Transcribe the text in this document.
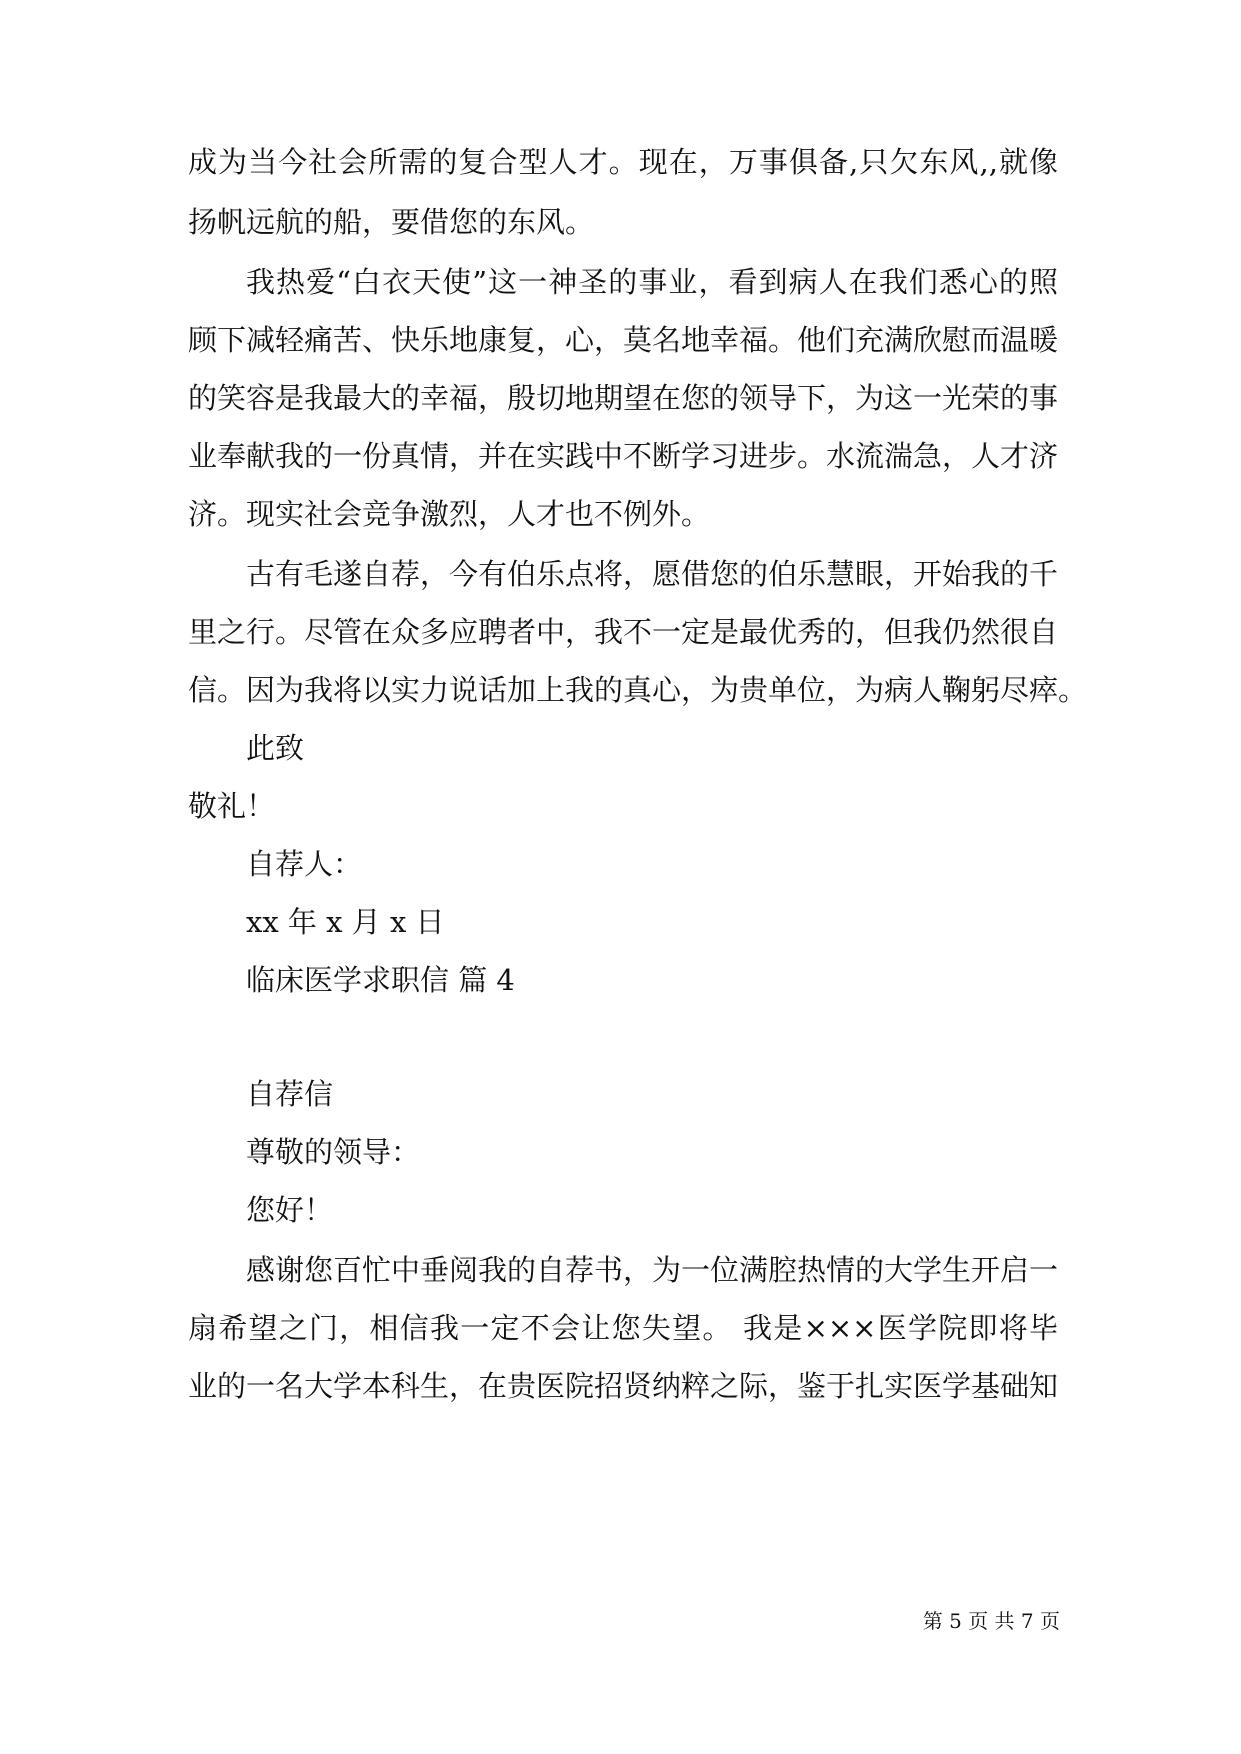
成为当今社会所需的复合型人才。现在，万事俱备,只欠东风,,就像
扬帆远航的船，要借您的东风。
我热爱“白衣天使”这一神圣的事业，看到病人在我们悉心的照
顾下减轻痛苦、快乐地康复，心，莫名地幸福。他们充满欣慰而温暖
的笑容是我最大的幸福，殷切地期望在您的领导下，为这一光荣的事
业奉献我的一份真情，并在实践中不断学习进步。水流湍急，人才济
济。现实社会竞争激烈，人才也不例外。
古有毛遂自荐，今有伯乐点将，愿借您的伯乐慧眼，开始我的千
里之行。尽管在众多应聘者中，我不一定是最优秀的，但我仍然很自
信。因为我将以实力说话加上我的真心，为贵单位，为病人鞠躬尽瘁。
此致
敬礼！
自荐人：
xx 年 x 月 x 日
临床医学求职信 篇 4
自荐信
尊敬的领导：
您好！
感谢您百忙中垂阅我的自荐书，为一位满腔热情的大学生开启一
扇希望之门，相信我一定不会让您失望。 我是×××医学院即将毕
业的一名大学本科生，在贵医院招贤纳粹之际，鉴于扎实医学基础知
第 5 页 共 7 页
